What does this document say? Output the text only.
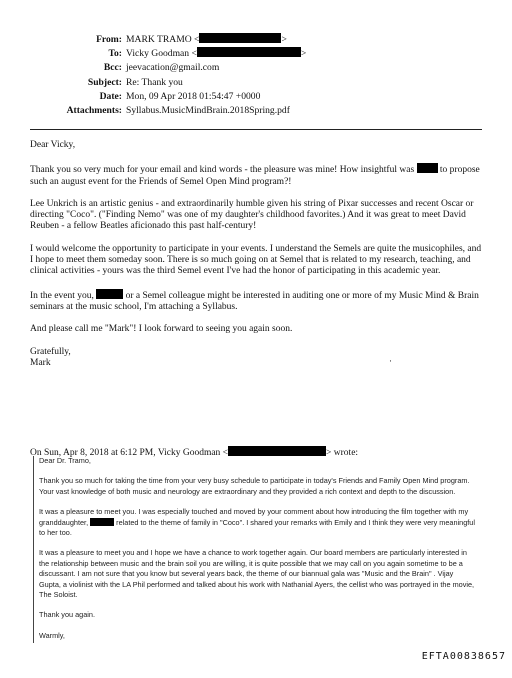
From: MARK TRAMO <	>
To: Vicky Goodman <	>
Bcc: jeevacation@gmail.com
Subject: Re: Thank you
Date: Mon, 09 Apr 2018 01:54:47 +0000
Attachments: Syllabus.MusicMindBrain.2018Spring.pdf

Dear Vicky,

Thank you so very much for your email and kind words - the pleasure was mine! How insightful was	to propose such an august event for the Friends of Semel Open Mind program?!

Lee Unkrich is an artistic genius - and extraordinarily humble given his string of Pixar successes and recent Oscar or directing "Coco". ("Finding Nemo" was one of my daughter's childhood favorites.) And it was great to meet David Reuben - a fellow Beatles aficionado this past half-century!

I would welcome the opportunity to participate in your events. I understand the Semels are quite the musicophiles, and I hope to meet them someday soon. There is so much going on at Semel that is related to my research, teaching, and clinical activities - yours was the third Semel event I've had the honor of participating in this academic year.

In the event you,	or a Semel colleague might be interested in auditing one or more of my Music Mind & Brain seminars at the music school, I'm attaching a Syllabus.

And please call me "Mark"! I look forward to seeing you again soon.

Gratefully,

Mark	·
On Sun, Apr 8, 2018 at 6:12 PM, Vicky Goodman <	> wrote:

Dear Dr. Tramo,

Thank you so much for taking the time from your very busy schedule to participate in today's Friends and Family Open Mind program. Your vast knowledge of both music and neurology are extraordinary and they provided a rich context and depth to the discussion.

It was a pleasure to meet you. I was especially touched and moved by your comment about how introducing the film together with my granddaughter,	related to the theme of family in "Coco". I shared your remarks with Emily and I think they were very meaningful to her too.

It was a pleasure to meet you and I hope we have a chance to work together again. Our board members are particularly interested in the relationship between music and the brain soil you are willing, it is quite possible that we may call on you again sometime to be a discussant. I am not sure that you know but several years back, the theme of our biannual gala was "Music and the Brain" . Vijay Gupta, a violinist with the LA Phil performed and talked about his work with Nathanial Ayers, the cellist who was portrayed in the movie, The Soloist.

Thank you again.

Warmly,

EFTA00838657
